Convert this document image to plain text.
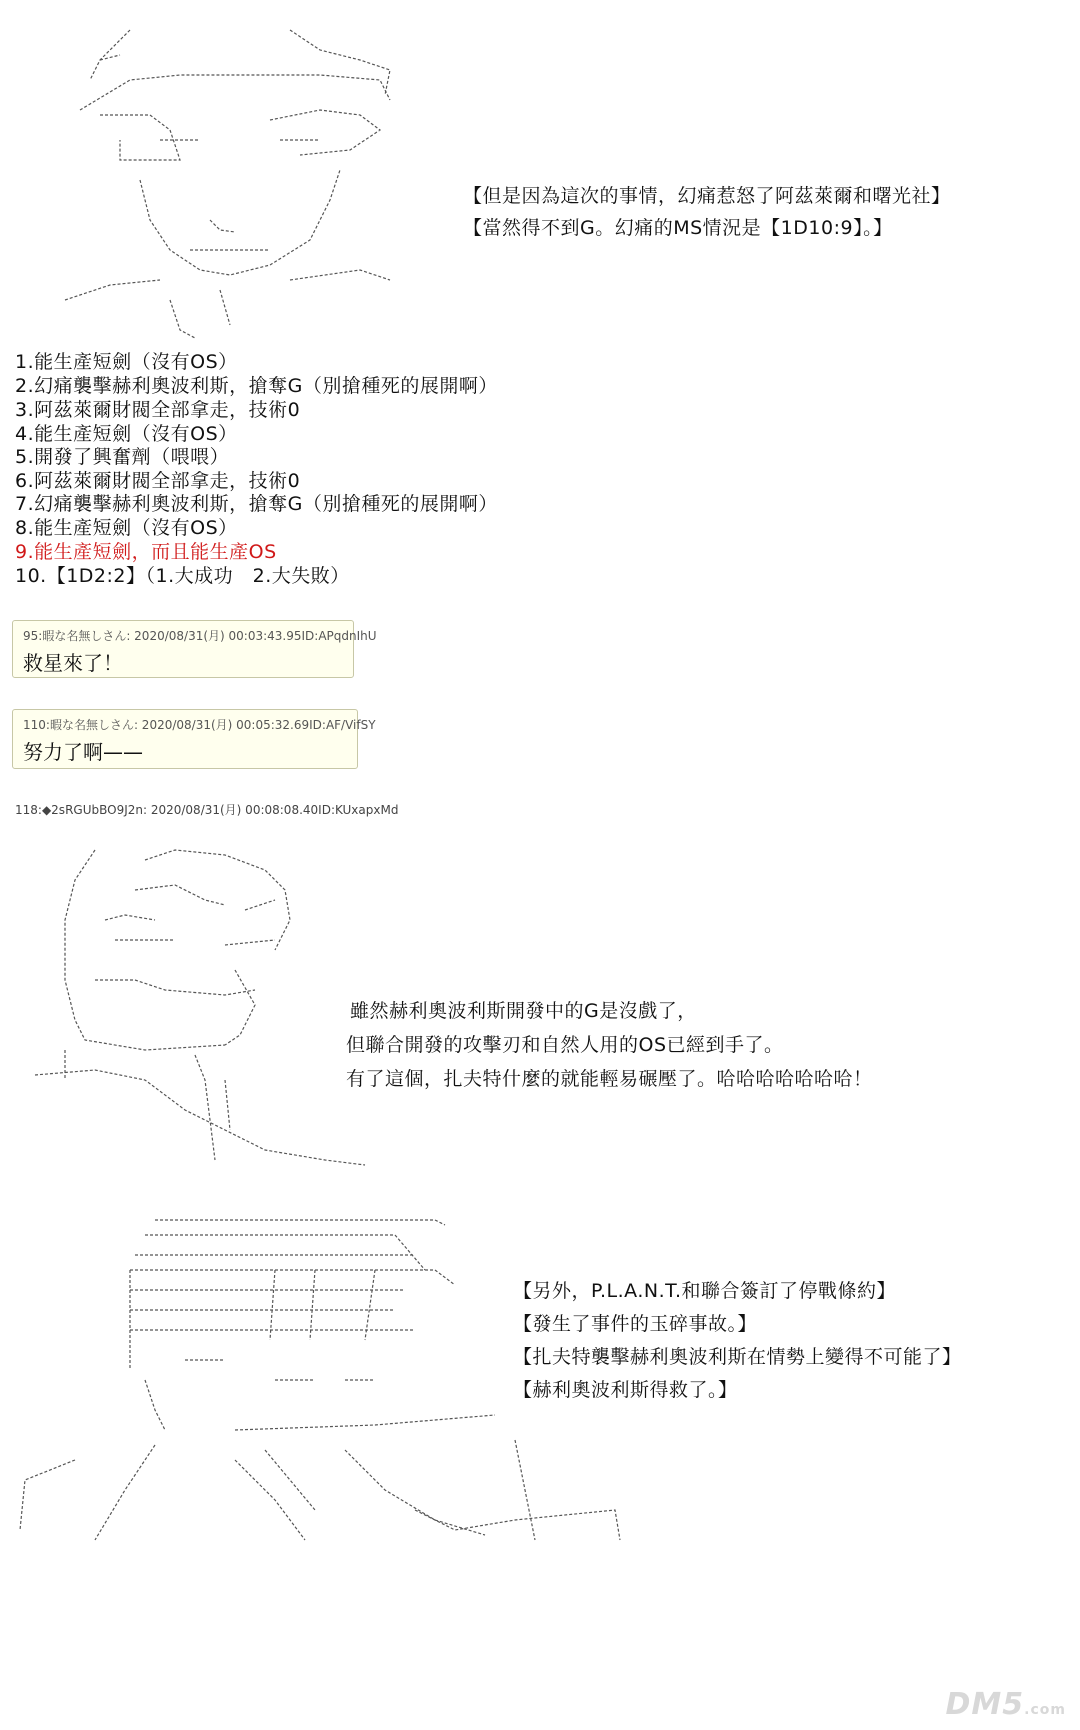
【但是因為這次的事情，幻痛惹怒了阿茲萊爾和曙光社】
【當然得不到G。幻痛的MS情況是【1D10:9】。】
1.能生產短劍（沒有OS）
2.幻痛襲擊赫利奧波利斯，搶奪G（別搶種死的展開啊）
3.阿茲萊爾財閥全部拿走，技術0
4.能生產短劍（沒有OS）
5.開發了興奮劑（喂喂）
6.阿茲萊爾財閥全部拿走，技術0
7.幻痛襲擊赫利奧波利斯，搶奪G（別搶種死的展開啊）
8.能生產短劍（沒有OS）
9.能生產短劍，而且能生產OS
10.【1D2:2】（1.大成功　2.大失敗）
95:暇な名無しさん: 2020/08/31(月) 00:03:43.95ID:APqdnIhU
救星來了！
110:暇な名無しさん: 2020/08/31(月) 00:05:32.69ID:AF/VifSY
努力了啊——
118:◆2sRGUbBO9J2n: 2020/08/31(月) 00:08:08.40ID:KUxapxMd
雖然赫利奧波利斯開發中的G是沒戲了，
但聯合開發的攻擊刃和自然人用的OS已經到手了。
有了這個，扎夫特什麼的就能輕易碾壓了。哈哈哈哈哈哈哈！
【另外，P.L.A.N.T.和聯合簽訂了停戰條約】
【發生了事件的玉碎事故。】
【扎夫特襲擊赫利奧波利斯在情勢上變得不可能了】
【赫利奧波利斯得救了。】
DM5.com
